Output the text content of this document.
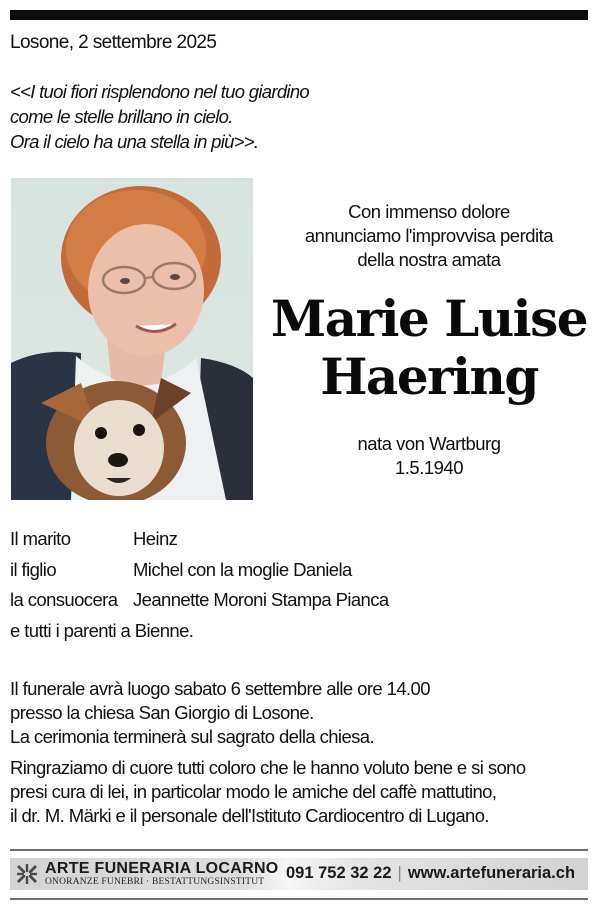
Losone, 2 settembre 2025
<<I tuoi fiori risplendono nel tuo giardino
come le stelle brillano in cielo.
Ora il cielo ha una stella in più>>.
Con immenso dolore
annunciamo l'improvvisa perdita
della nostra amata
Marie Luise
Haering
nata von Wartburg
1.5.1940
Il marito	Heinz
il figlio	Michel con la moglie Daniela
la consuocera Jeannette Moroni Stampa Pianca
e tutti i parenti a Bienne.
Il funerale avrà luogo sabato 6 settembre alle ore 14.00
presso la chiesa San Giorgio di Losone.
La cerimonia terminerà sul sagrato della chiesa.
Ringraziamo di cuore tutti coloro che le hanno voluto bene e si sono
presi cura di lei, in particolar modo le amiche del caffè mattutino,
il dr. M. Märki e il personale dell'Istituto Cardiocentro di Lugano.
ARTE FUNERARIA LOCARNO
ONORANZE FUNEBRI · BESTATTUNGSINSTITUT 091 752 32 22 | www.artefuneraria.ch
